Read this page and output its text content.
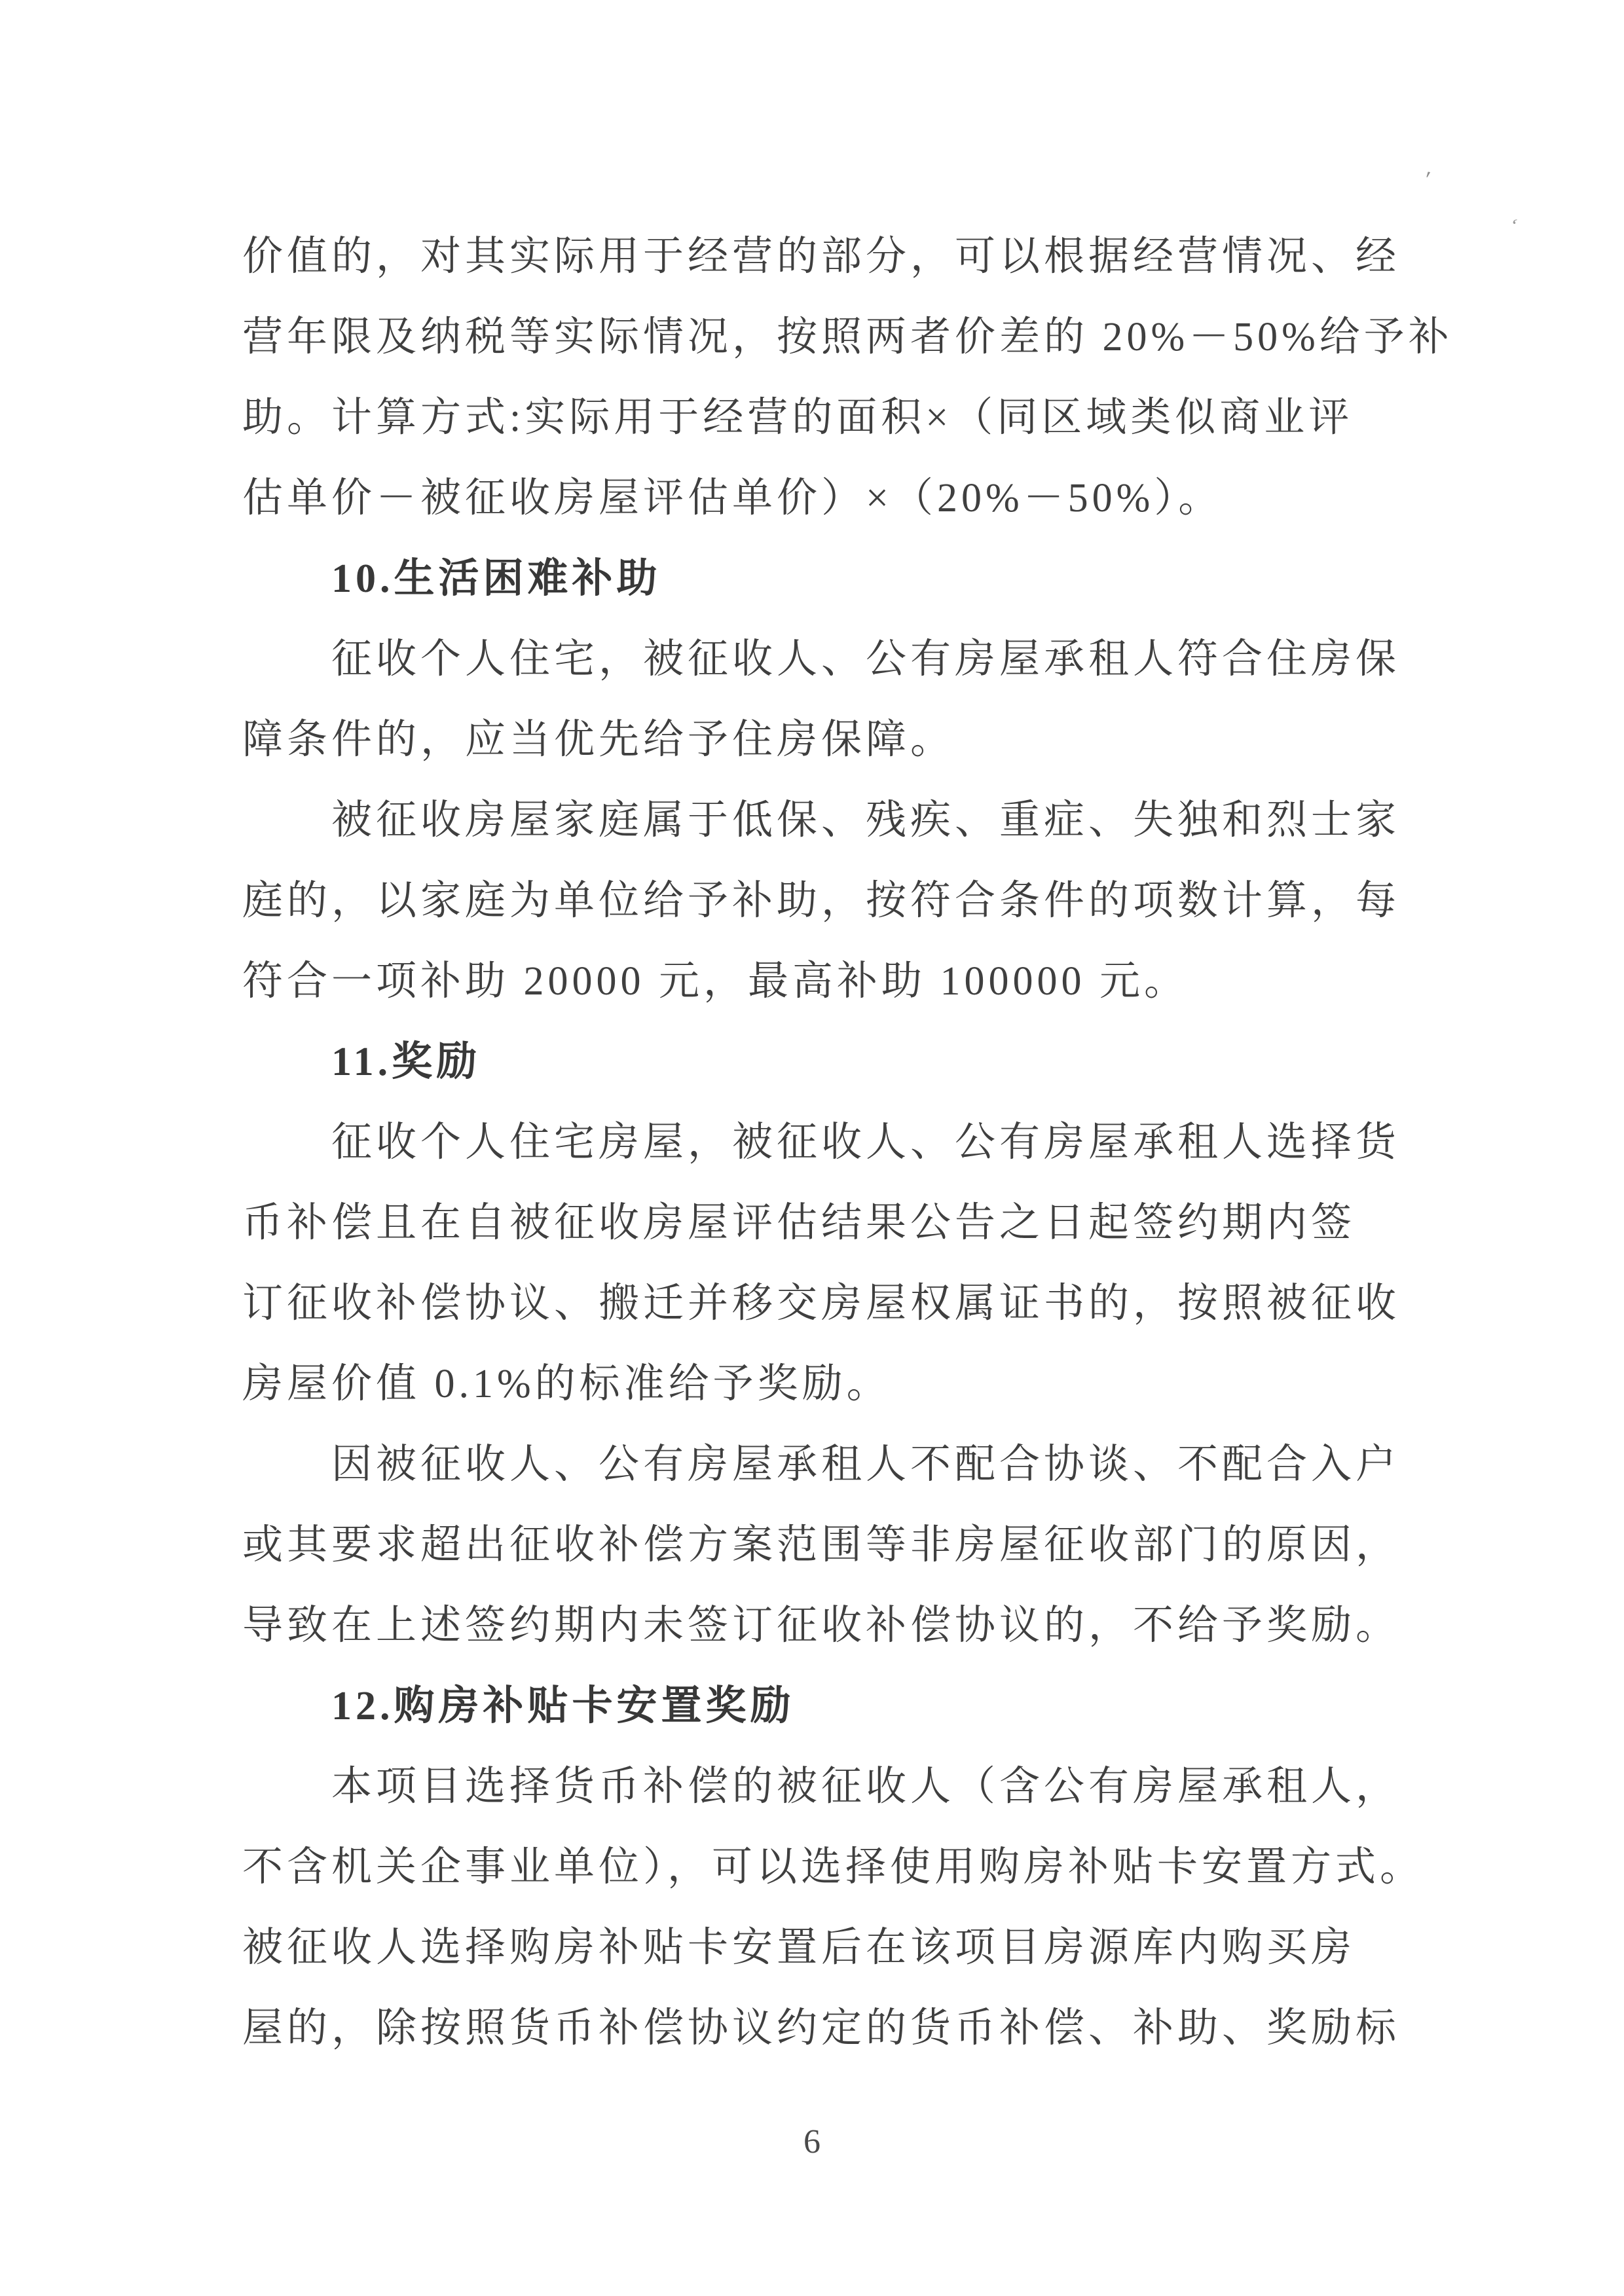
ʹ
ʻ
价值的，对其实际用于经营的部分，可以根据经营情况、经
营年限及纳税等实际情况，按照两者价差的 20%－50%给予补
助。计算方式:实际用于经营的面积×（同区域类似商业评
估单价－被征收房屋评估单价）×（20%－50%）。
10.生活困难补助
征收个人住宅，被征收人、公有房屋承租人符合住房保
障条件的，应当优先给予住房保障。
被征收房屋家庭属于低保、残疾、重症、失独和烈士家
庭的，以家庭为单位给予补助，按符合条件的项数计算，每
符合一项补助 20000 元，最高补助 100000 元。
11.奖励
征收个人住宅房屋，被征收人、公有房屋承租人选择货
币补偿且在自被征收房屋评估结果公告之日起签约期内签
订征收补偿协议、搬迁并移交房屋权属证书的，按照被征收
房屋价值 0.1%的标准给予奖励。
因被征收人、公有房屋承租人不配合协谈、不配合入户
或其要求超出征收补偿方案范围等非房屋征收部门的原因，
导致在上述签约期内未签订征收补偿协议的，不给予奖励。
12.购房补贴卡安置奖励
本项目选择货币补偿的被征收人（含公有房屋承租人，
不含机关企事业单位），可以选择使用购房补贴卡安置方式。
被征收人选择购房补贴卡安置后在该项目房源库内购买房
屋的，除按照货币补偿协议约定的货币补偿、补助、奖励标
6
